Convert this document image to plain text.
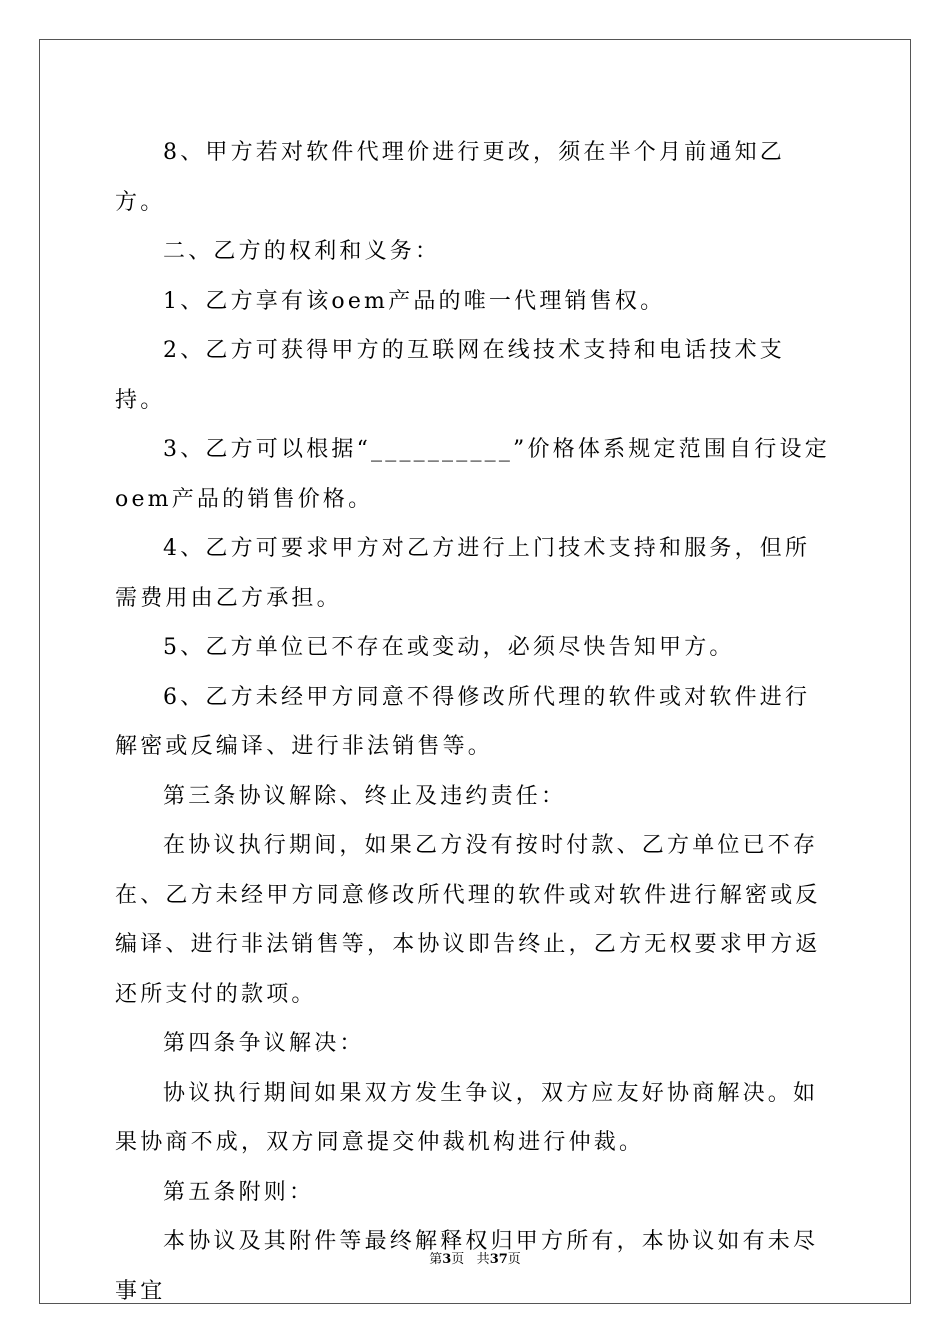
8、甲方若对软件代理价进行更改，须在半个月前通知乙方。

二、乙方的权利和义务：

1、乙方享有该oem产品的唯一代理销售权。

2、乙方可获得甲方的互联网在线技术支持和电话技术支持。

3、乙方可以根据“__________”价格体系规定范围自行设定oem产品的销售价格。

4、乙方可要求甲方对乙方进行上门技术支持和服务，但所需费用由乙方承担。

5、乙方单位已不存在或变动，必须尽快告知甲方。

6、乙方未经甲方同意不得修改所代理的软件或对软件进行解密或反编译、进行非法销售等。

第三条协议解除、终止及违约责任：

在协议执行期间，如果乙方没有按时付款、乙方单位已不存在、乙方未经甲方同意修改所代理的软件或对软件进行解密或反编译、进行非法销售等，本协议即告终止，乙方无权要求甲方返还所支付的款项。

第四条争议解决：

协议执行期间如果双方发生争议，双方应友好协商解决。如果协商不成，双方同意提交仲裁机构进行仲裁。

第五条附则：

本协议及其附件等最终解释权归甲方所有，本协议如有未尽事宜

第3页 共37页
